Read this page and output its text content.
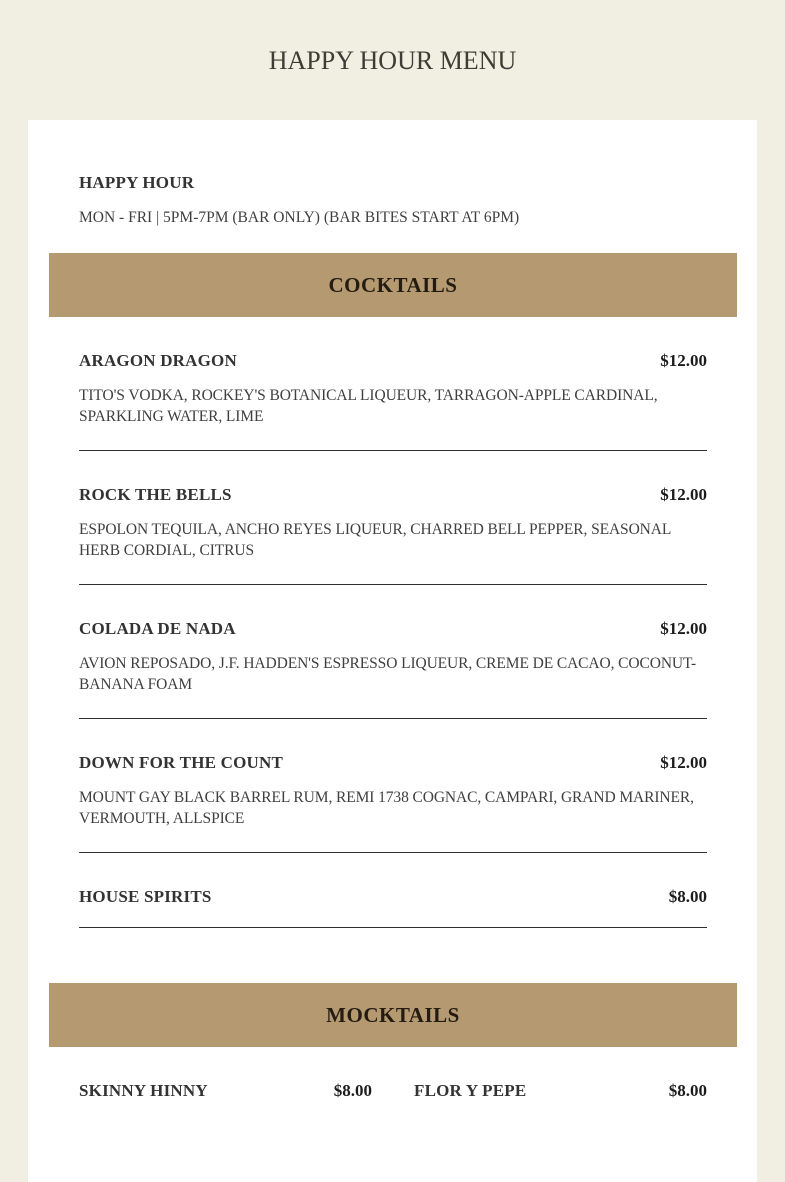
HAPPY HOUR MENU
HAPPY HOUR

MON - FRI | 5PM-7PM (BAR ONLY) (BAR BITES START AT 6PM)

COCKTAILS
ARAGON DRAGON	$12.00

TITO'S VODKA, ROCKEY'S BOTANICAL LIQUEUR, TARRAGON-APPLE CARDINAL, SPARKLING WATER, LIME

ROCK THE BELLS	$12.00

ESPOLON TEQUILA, ANCHO REYES LIQUEUR, CHARRED BELL PEPPER, SEASONAL HERB CORDIAL, CITRUS

COLADA DE NADA	$12.00

AVION REPOSADO, J.F. HADDEN'S ESPRESSO LIQUEUR, CREME DE CACAO, COCONUT-BANANA FOAM

DOWN FOR THE COUNT	$12.00

MOUNT GAY BLACK BARREL RUM, REMI 1738 COGNAC, CAMPARI, GRAND MARINER, VERMOUTH, ALLSPICE

HOUSE SPIRITS	$8.00
MOCKTAILS
SKINNY HINNY	$8.00 FLOR Y PEPE	$8.00
